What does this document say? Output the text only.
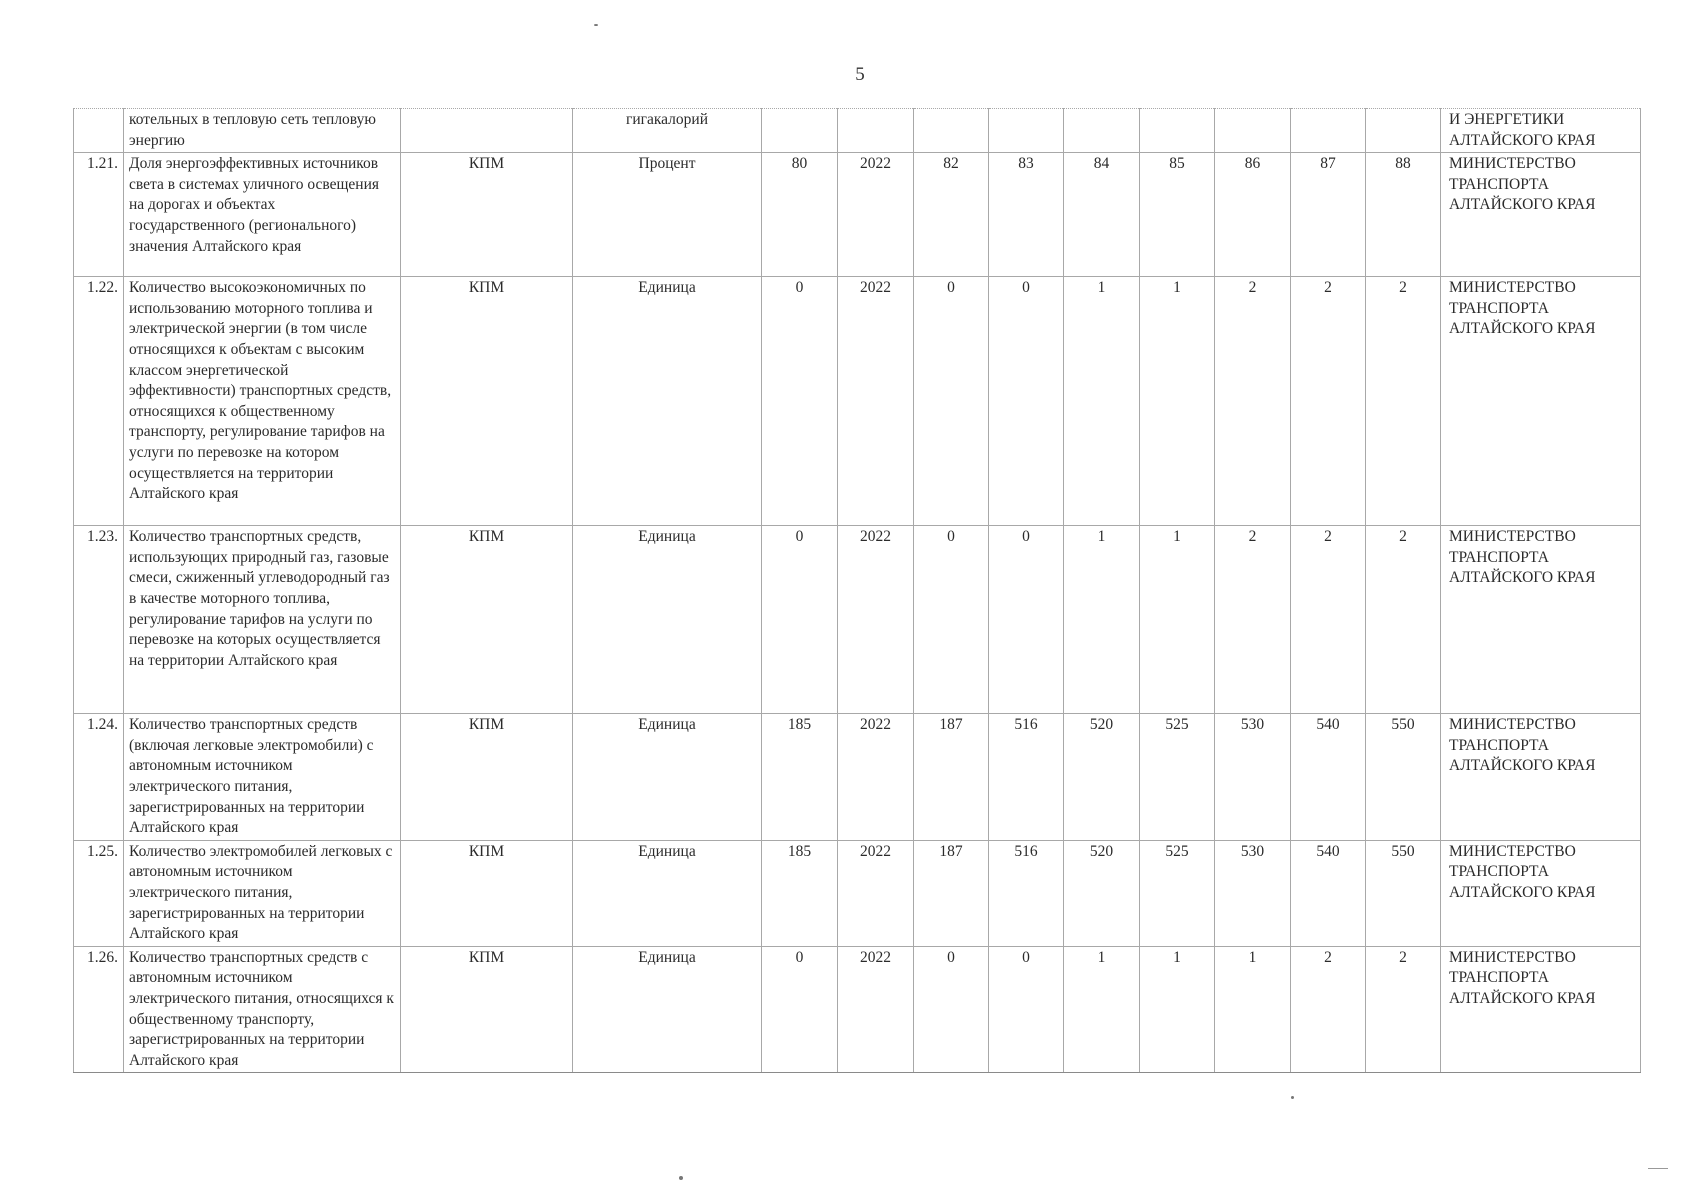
5
	котельных в тепловую сеть тепловую энергию		гигакалорий										И ЭНЕРГЕТИКИ АЛТАЙСКОГО КРАЯ
1.21.	Доля энергоэффективных источников света в системах уличного освещения на дорогах и объектах государственного (регионального) значения Алтайского края	КПМ	Процент	80	2022	82	83	84	85	86	87	88	МИНИСТЕРСТВО ТРАНСПОРТА АЛТАЙСКОГО КРАЯ
1.22.	Количество высокоэкономичных по использованию моторного топлива и электрической энергии (в том числе относящихся к объектам с высоким классом энергетической эффективности) транспортных средств, относящихся к общественному транспорту, регулирование тарифов на услуги по перевозке на котором осуществляется на территории Алтайского края	КПМ	Единица	0	2022	0	0	1	1	2	2	2	МИНИСТЕРСТВО ТРАНСПОРТА АЛТАЙСКОГО КРАЯ
1.23.	Количество транспортных средств, использующих природный газ, газовые смеси, сжиженный углеводородный газ в качестве моторного топлива, регулирование тарифов на услуги по перевозке на которых осуществляется на территории Алтайского края	КПМ	Единица	0	2022	0	0	1	1	2	2	2	МИНИСТЕРСТВО ТРАНСПОРТА АЛТАЙСКОГО КРАЯ
1.24.	Количество транспортных средств (включая легковые электромобили) с автономным источником электрического питания, зарегистрированных на территории Алтайского края	КПМ	Единица	185	2022	187	516	520	525	530	540	550	МИНИСТЕРСТВО ТРАНСПОРТА АЛТАЙСКОГО КРАЯ
1.25.	Количество электромобилей легковых с автономным источником электрического питания, зарегистрированных на территории Алтайского края	КПМ	Единица	185	2022	187	516	520	525	530	540	550	МИНИСТЕРСТВО ТРАНСПОРТА АЛТАЙСКОГО КРАЯ
1.26.	Количество транспортных средств с автономным источником электрического питания, относящихся к общественному транспорту, зарегистрированных на территории Алтайского края	КПМ	Единица	0	2022	0	0	1	1	1	2	2	МИНИСТЕРСТВО ТРАНСПОРТА АЛТАЙСКОГО КРАЯ
